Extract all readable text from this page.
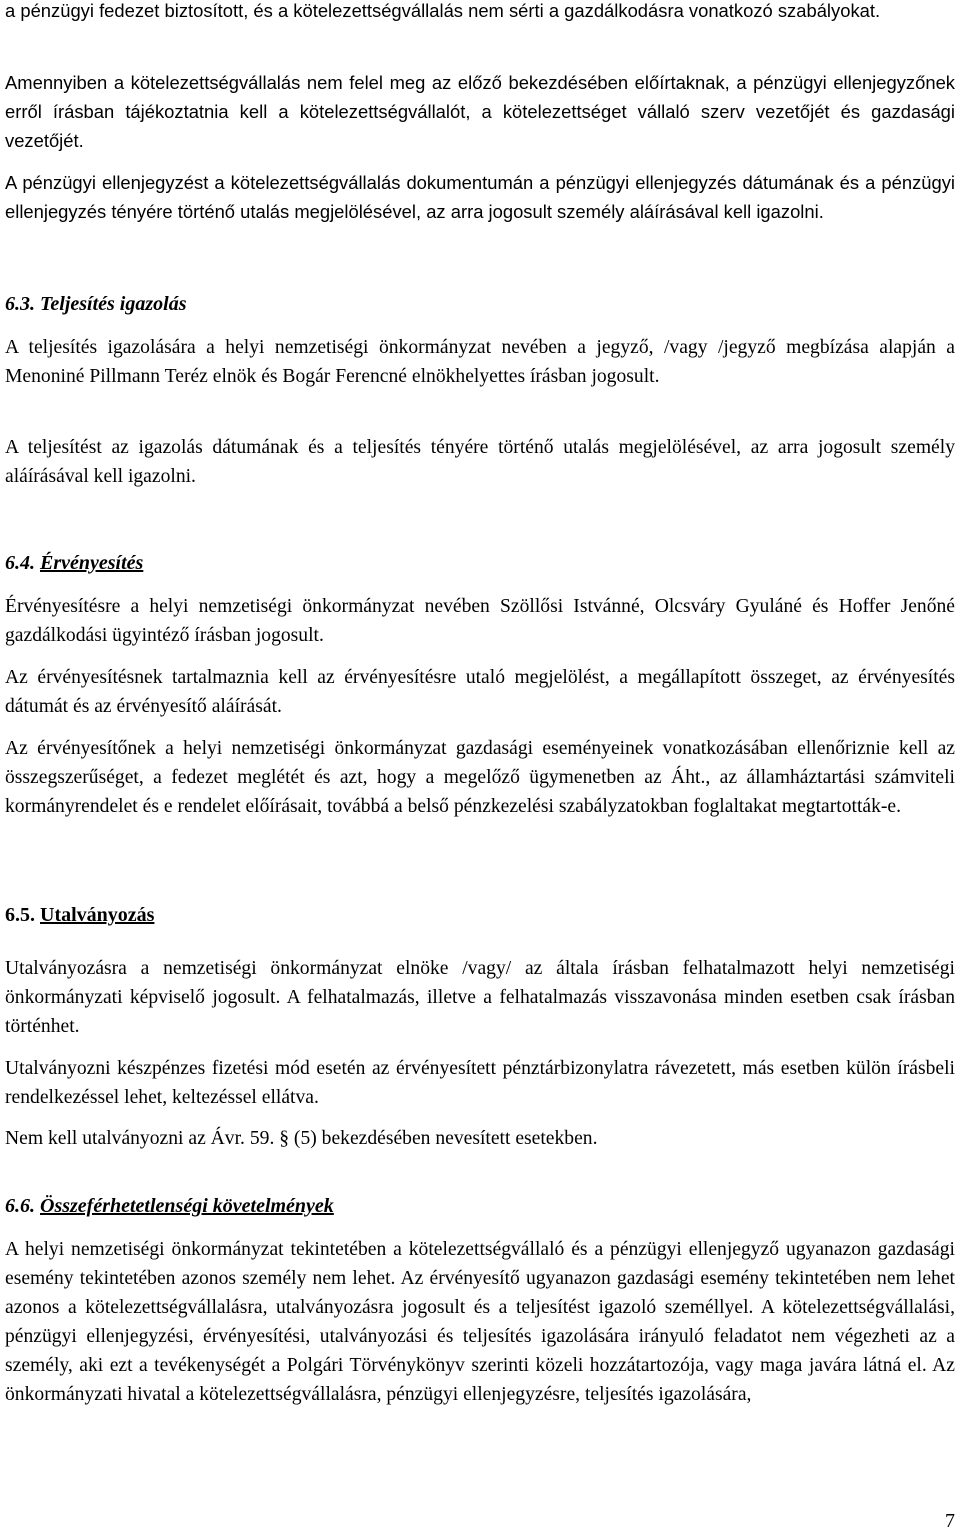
a pénzügyi fedezet biztosított, és a kötelezettségvállalás nem sérti a gazdálkodásra vonatkozó szabályokat.

Amennyiben a kötelezettségvállalás nem felel meg az előző bekezdésében előírtaknak, a pénzügyi ellenjegyzőnek erről írásban tájékoztatnia kell a kötelezettségvállalót, a kötelezettséget vállaló szerv vezetőjét és gazdasági vezetőjét.

A pénzügyi ellenjegyzést a kötelezettségvállalás dokumentumán a pénzügyi ellenjegyzés dátumának és a pénzügyi ellenjegyzés tényére történő utalás megjelölésével, az arra jogosult személy aláírásával kell igazolni.

6.3. Teljesítés igazolás

A teljesítés igazolására a helyi nemzetiségi önkormányzat nevében a jegyző, /vagy /jegyző megbízása alapján a Menoniné Pillmann Teréz elnök és Bogár Ferencné elnökhelyettes írásban jogosult.

A teljesítést az igazolás dátumának és a teljesítés tényére történő utalás megjelölésével, az arra jogosult személy aláírásával kell igazolni.

6.4. Érvényesítés

Érvényesítésre a helyi nemzetiségi önkormányzat nevében Szöllősi Istvánné, Olcsváry Gyuláné és Hoffer Jenőné gazdálkodási ügyintéző írásban jogosult.

Az érvényesítésnek tartalmaznia kell az érvényesítésre utaló megjelölést, a megállapított összeget, az érvényesítés dátumát és az érvényesítő aláírását.

Az érvényesítőnek a helyi nemzetiségi önkormányzat gazdasági eseményeinek vonatkozásában ellenőriznie kell az összegszerűséget, a fedezet meglétét és azt, hogy a megelőző ügymenetben az Áht., az államháztartási számviteli kormányrendelet és e rendelet előírásait, továbbá a belső pénzkezelési szabályzatokban foglaltakat megtartották-e.

6.5. Utalványozás

Utalványozásra a nemzetiségi önkormányzat elnöke /vagy/ az általa írásban felhatalmazott helyi nemzetiségi önkormányzati képviselő jogosult. A felhatalmazás, illetve a felhatalmazás visszavonása minden esetben csak írásban történhet.

Utalványozni készpénzes fizetési mód esetén az érvényesített pénztárbizonylatra rávezetett, más esetben külön írásbeli rendelkezéssel lehet, keltezéssel ellátva.

Nem kell utalványozni az Ávr. 59. § (5) bekezdésében nevesített esetekben.

6.6. Összeférhetetlenségi követelmények

A helyi nemzetiségi önkormányzat tekintetében a kötelezettségvállaló és a pénzügyi ellenjegyző ugyanazon gazdasági esemény tekintetében azonos személy nem lehet. Az érvényesítő ugyanazon gazdasági esemény tekintetében nem lehet azonos a kötelezettségvállalásra, utalványozásra jogosult és a teljesítést igazoló személlyel. A kötelezettségvállalási, pénzügyi ellenjegyzési, érvényesítési, utalványozási és teljesítés igazolására irányuló feladatot nem végezheti az a személy, aki ezt a tevékenységét a Polgári Törvénykönyv szerinti közeli hozzátartozója, vagy maga javára látná el. Az önkormányzati hivatal a kötelezettségvállalásra, pénzügyi ellenjegyzésre, teljesítés igazolására,

7
